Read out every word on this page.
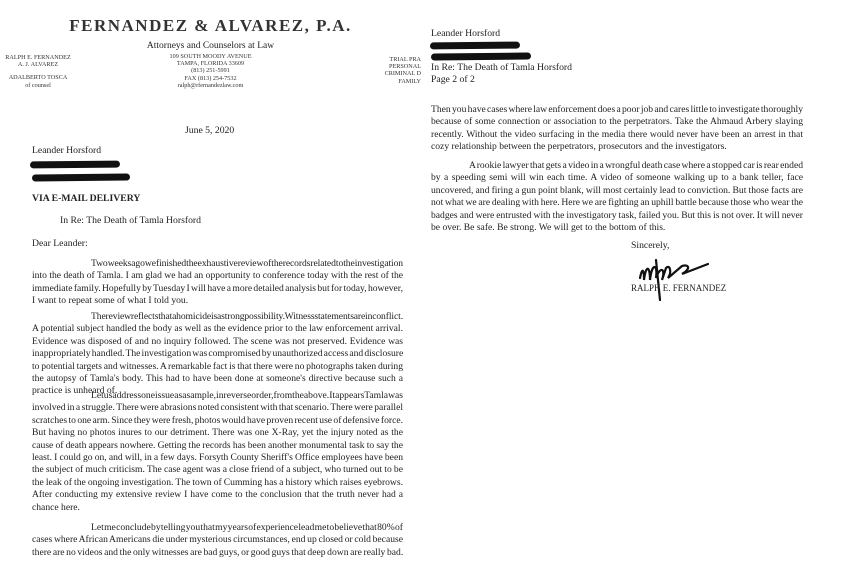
FERNANDEZ & ALVAREZ, P.A.
Attorneys and Counselors at Law
109 SOUTH MOODY AVENUE
TAMPA, FLORIDA 33609
(813) 251-5991
FAX (813) 254-7532
ralph@rfernandezlaw.com
RALPH E. FERNANDEZ
A. J. ALVAREZ
ADALBERTO TOSCA
of counsel
TRIAL PRA
PERSONAL
CRIMINAL D
FAMILY
June 5, 2020
Leander Horsford
VIA E-MAIL DELIVERY
In Re: The Death of Tamla Horsford
Dear Leander:
Two weeks ago we finished the exhaustive review of the records related to the investigation
into the death of Tamla. I am glad we had an opportunity to conference today with the rest of the
immediate family. Hopefully by Tuesday I will have a more detailed analysis but for today, however,
I want to repeat some of what I told you.
The review reflects that a homicide is a strong possibility. Witness statements are in conflict.
A potential subject handled the body as well as the evidence prior to the law enforcement arrival.
Evidence was disposed of and no inquiry followed. The scene was not preserved. Evidence was
inappropriately handled. The investigation was compromised by unauthorized access and disclosure
to potential targets and witnesses. A remarkable fact is that there were no photographs taken during
the autopsy of Tamla's body. This had to have been done at someone's directive because such a
practice is unheard of.
Let us address one issue as a sample, in reverse order, from the above. It appears Tamla was
involved in a struggle. There were abrasions noted consistent with that scenario. There were parallel
scratches to one arm. Since they were fresh, photos would have proven recent use of defensive force.
But having no photos inures to our detriment. There was one X-Ray, yet the injury noted as the
cause of death appears nowhere. Getting the records has been another monumental task to say the
least. I could go on, and will, in a few days. Forsyth County Sheriff's Office employees have been
the subject of much criticism. The case agent was a close friend of a subject, who turned out to be
the leak of the ongoing investigation. The town of Cumming has a history which raises eyebrows.
After conducting my extensive review I have come to the conclusion that the truth never had a
chance here.
Let me conclude by telling you that my years of experience lead me to believe that 80% of
cases where African Americans die under mysterious circumstances, end up closed or cold because
there are no videos and the only witnesses are bad guys, or good guys that deep down are really bad.
Leander Horsford
In Re: The Death of Tamla Horsford
Page 2 of 2
Then you have cases where law enforcement does a poor job and cares little to investigate thoroughly
because of some connection or association to the perpetrators. Take the Ahmaud Arbery slaying
recently. Without the video surfacing in the media there would never have been an arrest in that
cozy relationship between the perpetrators, prosecutors and the investigators.
A rookie lawyer that gets a video in a wrongful death case where a stopped car is rear ended
by a speeding semi will win each time. A video of someone walking up to a bank teller, face
uncovered, and firing a gun point blank, will most certainly lead to conviction. But those facts are
not what we are dealing with here. Here we are fighting an uphill battle because those who wear the
badges and were entrusted with the investigatory task, failed you. But this is not over. It will never
be over. Be safe. Be strong. We will get to the bottom of this.
Sincerely,
RALPH E. FERNANDEZ
